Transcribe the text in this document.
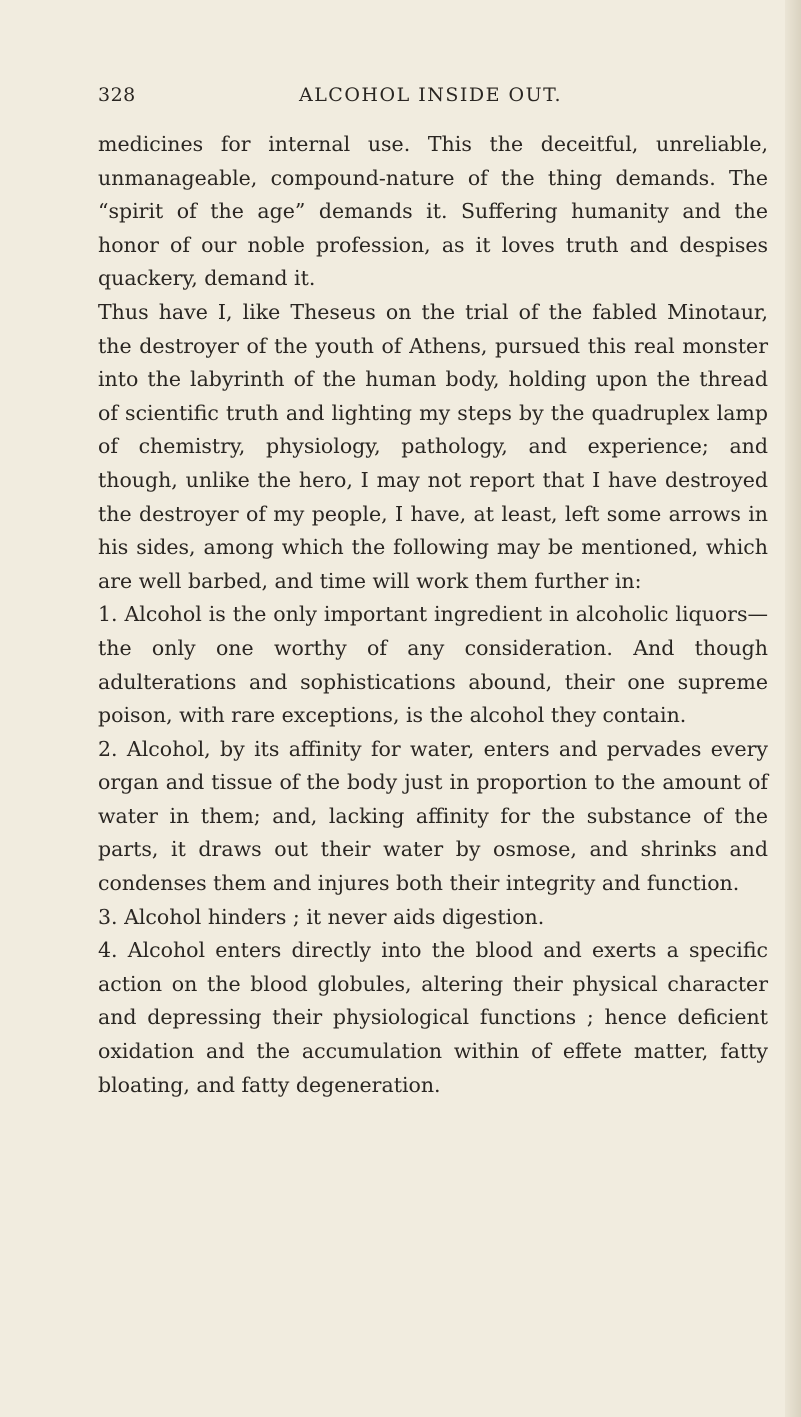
328	ALCOHOL INSIDE OUT.

medicines for internal use. This the deceitful, unreliable, unmanageable, compound-nature of the thing demands. The “spirit of the age” demands it. Suffering humanity and the honor of our noble profession, as it loves truth and despises quackery, demand it.

Thus have I, like Theseus on the trial of the fabled Minotaur, the destroyer of the youth of Athens, pursued this real monster into the labyrinth of the human body, holding upon the thread of scientific truth and lighting my steps by the quadruplex lamp of chemistry, physiology, pathology, and experience; and though, unlike the hero, I may not report that I have destroyed the destroyer of my people, I have, at least, left some arrows in his sides, among which the following may be mentioned, which are well barbed, and time will work them further in:

1. Alcohol is the only important ingredient in alcoholic liquors—the only one worthy of any consideration. And though adulterations and sophistications abound, their one supreme poison, with rare exceptions, is the alcohol they contain.

2. Alcohol, by its affinity for water, enters and pervades every organ and tissue of the body just in proportion to the amount of water in them; and, lacking affinity for the substance of the parts, it draws out their water by osmose, and shrinks and condenses them and injures both their integrity and function.

3. Alcohol hinders ; it never aids digestion.

4. Alcohol enters directly into the blood and exerts a specific action on the blood globules, altering their physical character and depressing their physiological functions ; hence deficient oxidation and the accumulation within of effete matter, fatty bloating, and fatty degeneration.
